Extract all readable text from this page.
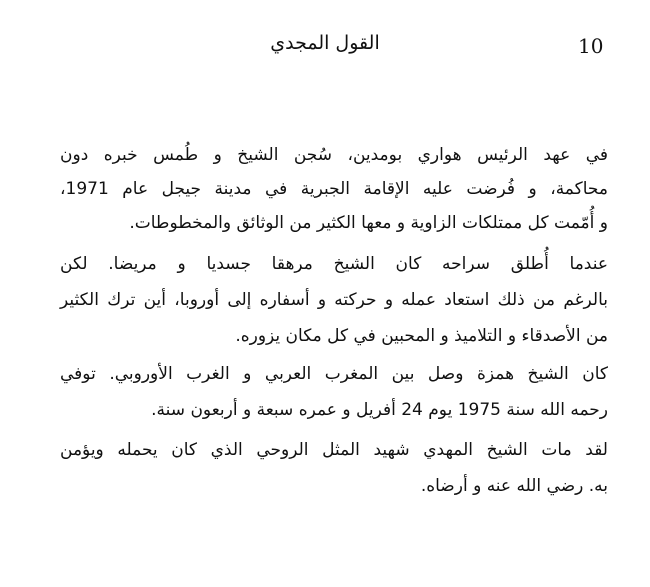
10
القول المجدي
في عهد الرئيس هواري بومدين، سُجن الشيخ و طُمس خبره دون
محاكمة، و فُرضت عليه الإقامة الجبرية في مدينة جيجل عام 1971،
و أُمّمت كل ممتلكات الزاوية و معها الكثير من الوثائق والمخطوطات.
عندما أُطلق سراحه كان الشيخ مرهقا جسديا و مريضا. لكن
بالرغم من ذلك استعاد عمله و حركته و أسفاره إلى أوروبا، أين ترك الكثير
من الأصدقاء و التلاميذ و المحبين في كل مكان يزوره.
كان الشيخ همزة وصل بين المغرب العربي و الغرب الأوروبي. توفي
رحمه الله سنة 1975 يوم 24 أفريل و عمره سبعة و أربعون سنة.
لقد مات الشيخ المهدي شهيد المثل الروحي الذي كان يحمله ويؤمن
به. رضي الله عنه و أرضاه.
